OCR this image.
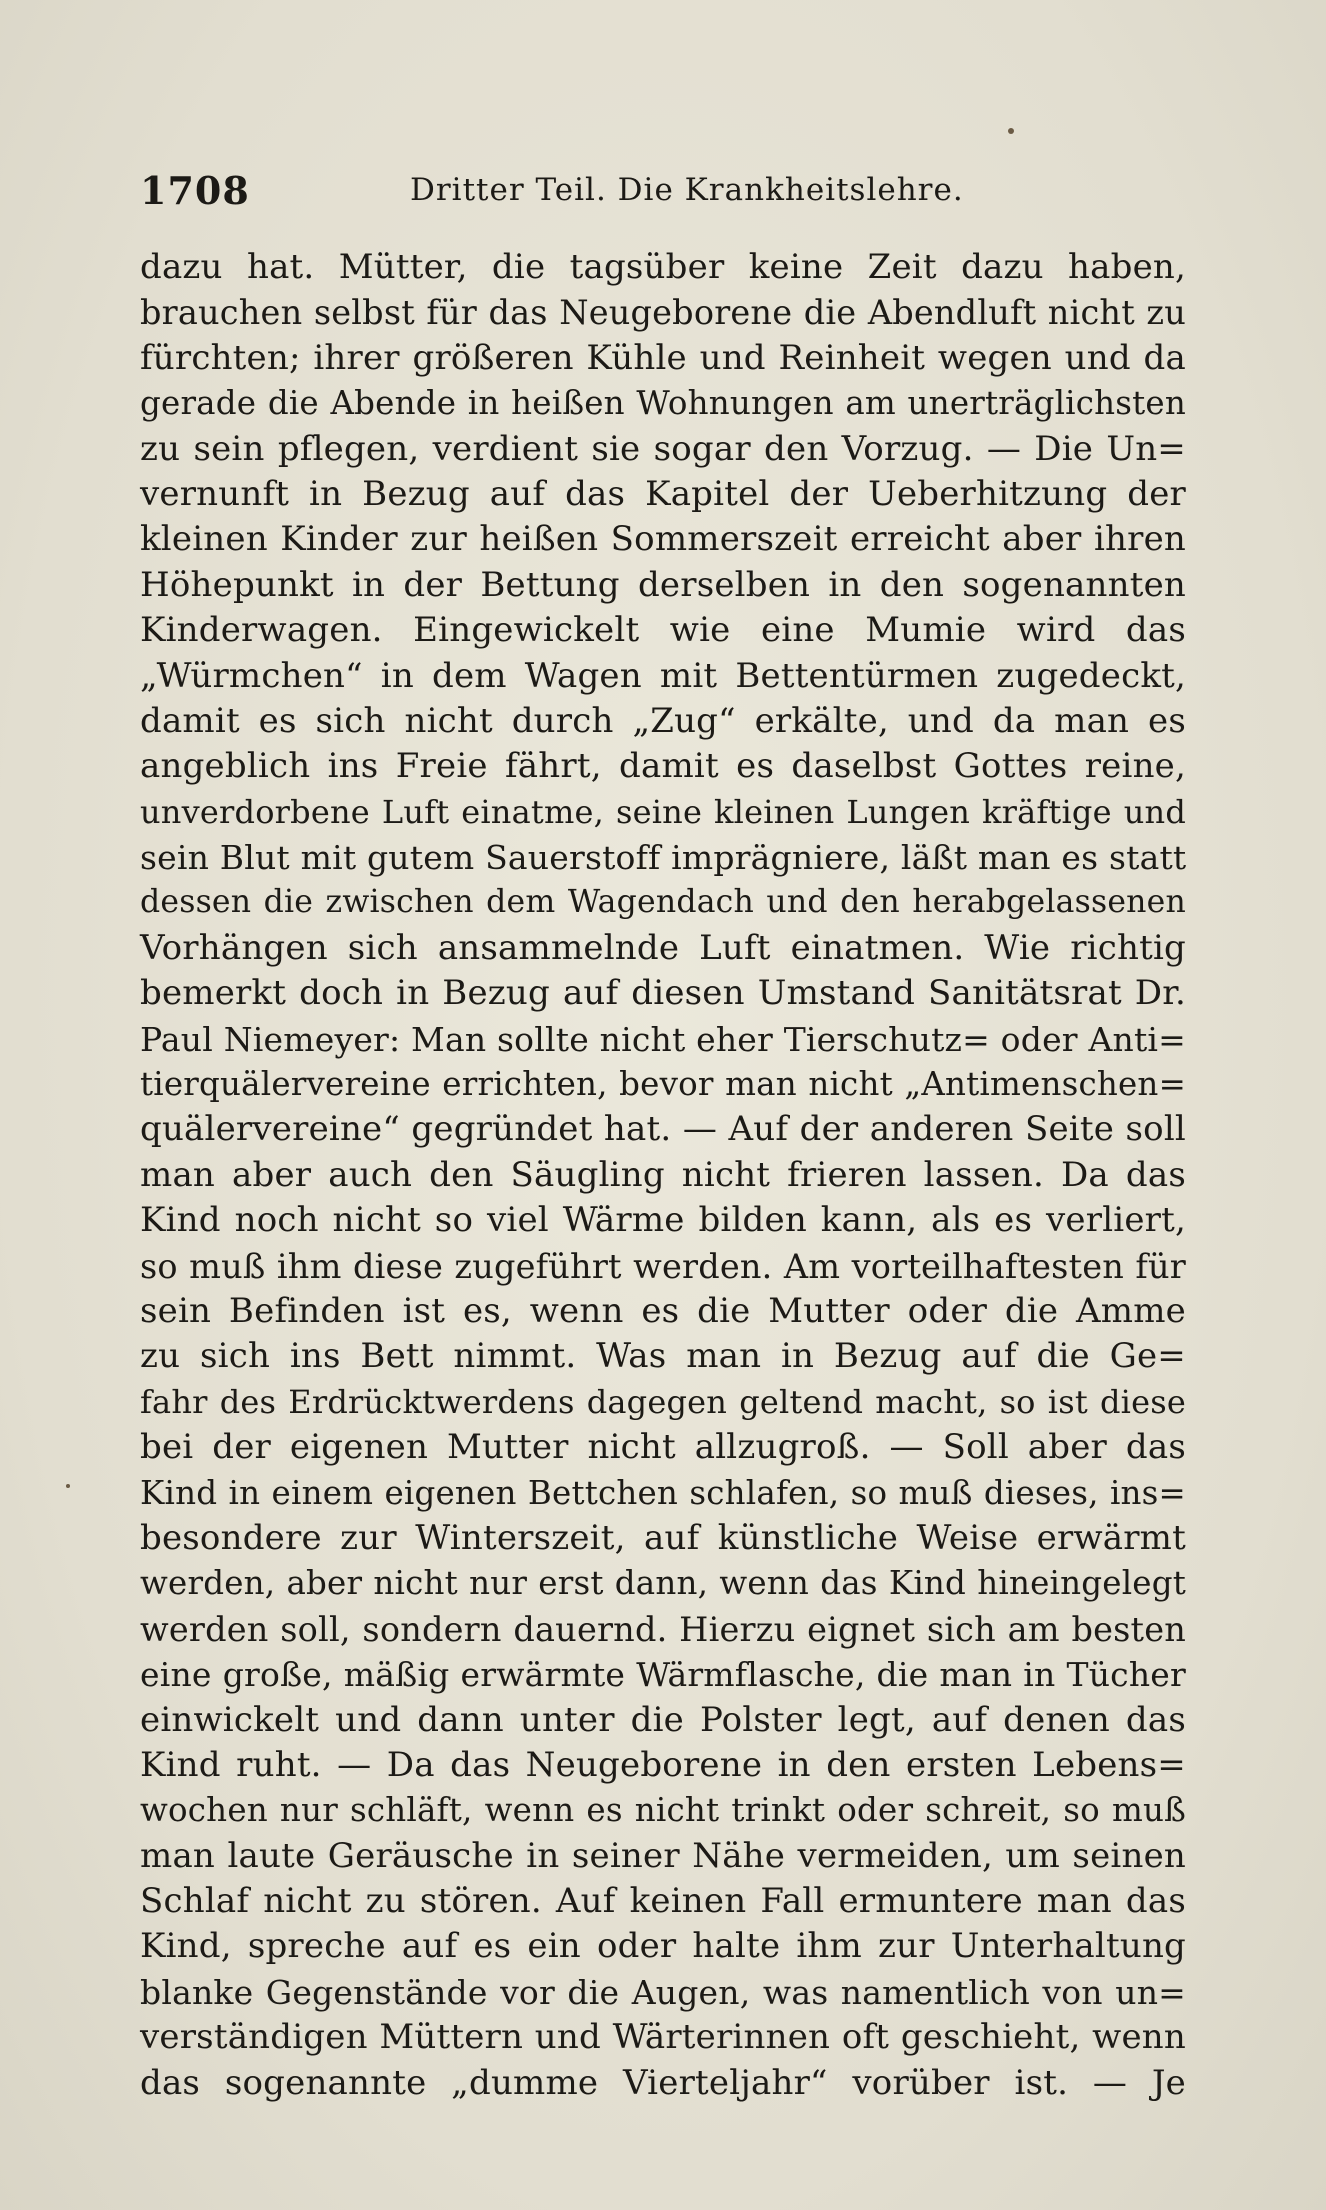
1708	Dritter Teil. Die Krankheitslehre.
dazu hat. Mütter, die tagsüber keine Zeit dazu haben,
brauchen selbst für das Neugeborene die Abendluft nicht zu
fürchten; ihrer größeren Kühle und Reinheit wegen und da
gerade die Abende in heißen Wohnungen am unerträglichsten
zu sein pflegen, verdient sie sogar den Vorzug. — Die Un=
vernunft in Bezug auf das Kapitel der Ueberhitzung der
kleinen Kinder zur heißen Sommerszeit erreicht aber ihren
Höhepunkt in der Bettung derselben in den sogenannten
Kinderwagen. Eingewickelt wie eine Mumie wird das
„Würmchen“ in dem Wagen mit Bettentürmen zugedeckt,
damit es sich nicht durch „Zug“ erkälte, und da man es
angeblich ins Freie fährt, damit es daselbst Gottes reine,
unverdorbene Luft einatme, seine kleinen Lungen kräftige und
sein Blut mit gutem Sauerstoff imprägniere, läßt man es statt
dessen die zwischen dem Wagendach und den herabgelassenen
Vorhängen sich ansammelnde Luft einatmen. Wie richtig
bemerkt doch in Bezug auf diesen Umstand Sanitätsrat Dr.
Paul Niemeyer: Man sollte nicht eher Tierschutz= oder Anti=
tierquälervereine errichten, bevor man nicht „Antimenschen=
quälervereine“ gegründet hat. — Auf der anderen Seite soll
man aber auch den Säugling nicht frieren lassen. Da das
Kind noch nicht so viel Wärme bilden kann, als es verliert,
so muß ihm diese zugeführt werden. Am vorteilhaftesten für
sein Befinden ist es, wenn es die Mutter oder die Amme
zu sich ins Bett nimmt. Was man in Bezug auf die Ge=
fahr des Erdrücktwerdens dagegen geltend macht, so ist diese
bei der eigenen Mutter nicht allzugroß. — Soll aber das
Kind in einem eigenen Bettchen schlafen, so muß dieses, ins=
besondere zur Winterszeit, auf künstliche Weise erwärmt
werden, aber nicht nur erst dann, wenn das Kind hineingelegt
werden soll, sondern dauernd. Hierzu eignet sich am besten
eine große, mäßig erwärmte Wärmflasche, die man in Tücher
einwickelt und dann unter die Polster legt, auf denen das
Kind ruht. — Da das Neugeborene in den ersten Lebens=
wochen nur schläft, wenn es nicht trinkt oder schreit, so muß
man laute Geräusche in seiner Nähe vermeiden, um seinen
Schlaf nicht zu stören. Auf keinen Fall ermuntere man das
Kind, spreche auf es ein oder halte ihm zur Unterhaltung
blanke Gegenstände vor die Augen, was namentlich von un=
verständigen Müttern und Wärterinnen oft geschieht, wenn
das sogenannte „dumme Vierteljahr“ vorüber ist. — Je
